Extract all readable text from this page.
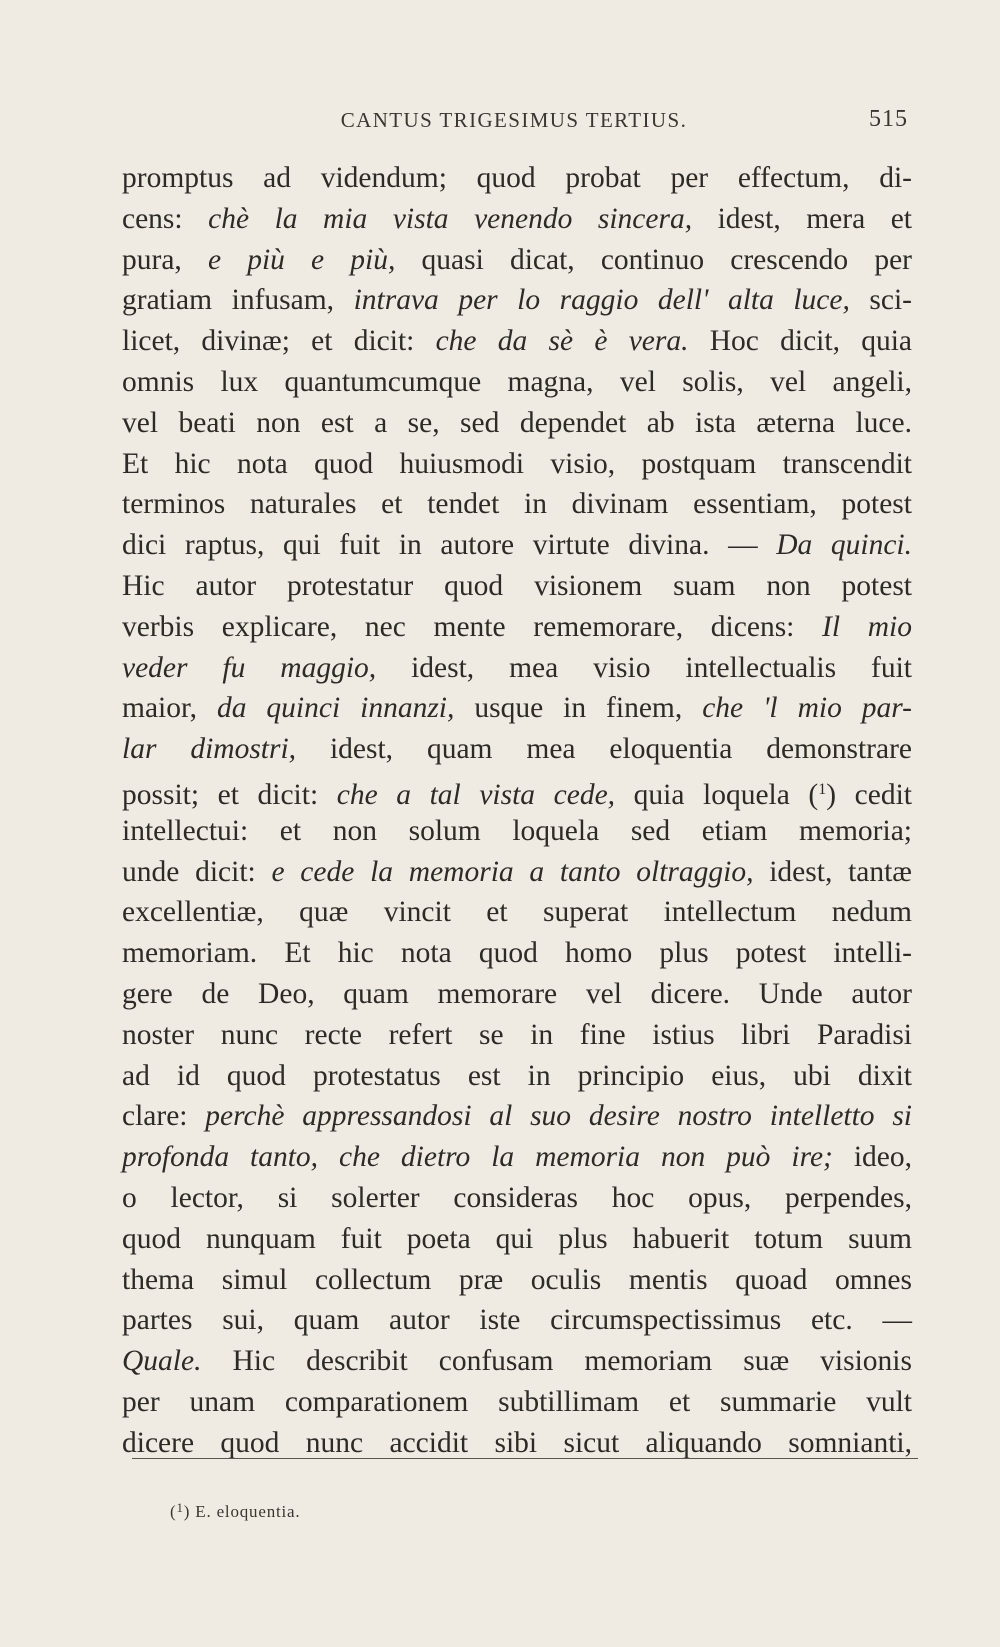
CANTUS TRIGESIMUS TERTIUS.	515
promptus ad videndum; quod probat per effectum, di-
cens: chè la mia vista venendo sincera, idest, mera et
pura, e più e più, quasi dicat, continuo crescendo per
gratiam infusam, intrava per lo raggio dell' alta luce, sci-
licet, divinæ; et dicit: che da sè è vera. Hoc dicit, quia
omnis lux quantumcumque magna, vel solis, vel angeli,
vel beati non est a se, sed dependet ab ista æterna luce.
Et hic nota quod huiusmodi visio, postquam transcendit
terminos naturales et tendet in divinam essentiam, potest
dici raptus, qui fuit in autore virtute divina. — Da quinci.
Hic autor protestatur quod visionem suam non potest
verbis explicare, nec mente rememorare, dicens: Il mio
veder fu maggio, idest, mea visio intellectualis fuit
maior, da quinci innanzi, usque in finem, che 'l mio par-
lar dimostri, idest, quam mea eloquentia demonstrare
possit; et dicit: che a tal vista cede, quia loquela ($^1$) cedit
intellectui: et non solum loquela sed etiam memoria;
unde dicit: e cede la memoria a tanto oltraggio, idest, tantæ
excellentiæ, quæ vincit et superat intellectum nedum
memoriam. Et hic nota quod homo plus potest intelli-
gere de Deo, quam memorare vel dicere. Unde autor
noster nunc recte refert se in fine istius libri Paradisi
ad id quod protestatus est in principio eius, ubi dixit
clare: perchè appressandosi al suo desire nostro intelletto si
profonda tanto, che dietro la memoria non può ire; ideo,
o lector, si solerter consideras hoc opus, perpendes,
quod nunquam fuit poeta qui plus habuerit totum suum
thema simul collectum præ oculis mentis quoad omnes
partes sui, quam autor iste circumspectissimus etc. —
Quale. Hic describit confusam memoriam suæ visionis
per unam comparationem subtillimam et summarie vult
dicere quod nunc accidit sibi sicut aliquando somnianti,
($^1$) E. eloquentia.
